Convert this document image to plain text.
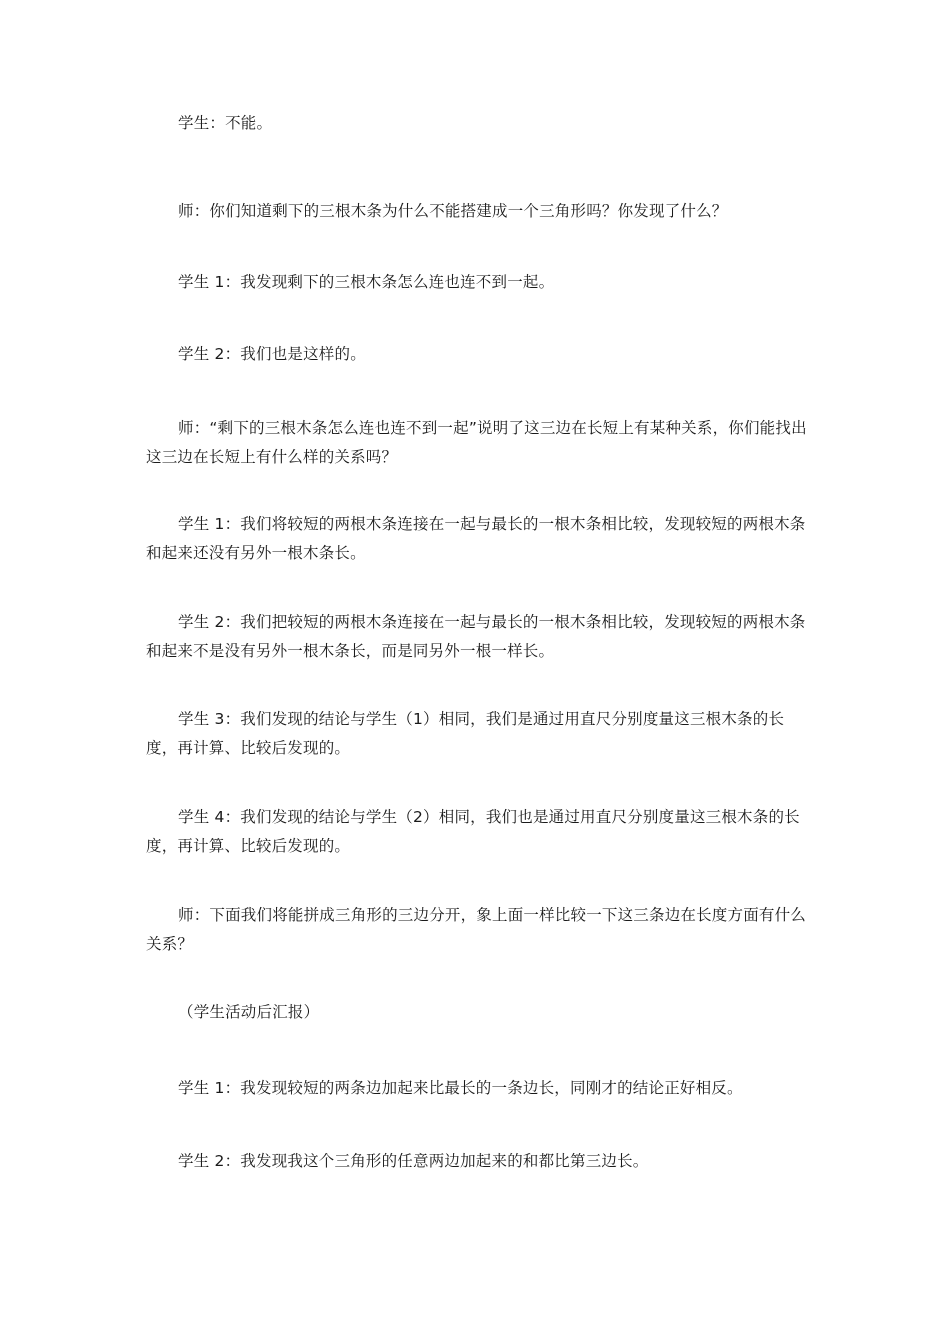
学生：不能。

师：你们知道剩下的三根木条为什么不能搭建成一个三角形吗？你发现了什么？

学生 1：我发现剩下的三根木条怎么连也连不到一起。

学生 2：我们也是这样的。

师：“剩下的三根木条怎么连也连不到一起”说明了这三边在长短上有某种关系，你们能找出这三边在长短上有什么样的关系吗？

学生 1：我们将较短的两根木条连接在一起与最长的一根木条相比较，发现较短的两根木条和起来还没有另外一根木条长。

学生 2：我们把较短的两根木条连接在一起与最长的一根木条相比较，发现较短的两根木条和起来不是没有另外一根木条长，而是同另外一根一样长。

学生 3：我们发现的结论与学生（1）相同，我们是通过用直尺分别度量这三根木条的长度，再计算、比较后发现的。

学生 4：我们发现的结论与学生（2）相同，我们也是通过用直尺分别度量这三根木条的长度，再计算、比较后发现的。

师：下面我们将能拼成三角形的三边分开，象上面一样比较一下这三条边在长度方面有什么关系？

（学生活动后汇报）

学生 1：我发现较短的两条边加起来比最长的一条边长，同刚才的结论正好相反。

学生 2：我发现我这个三角形的任意两边加起来的和都比第三边长。
